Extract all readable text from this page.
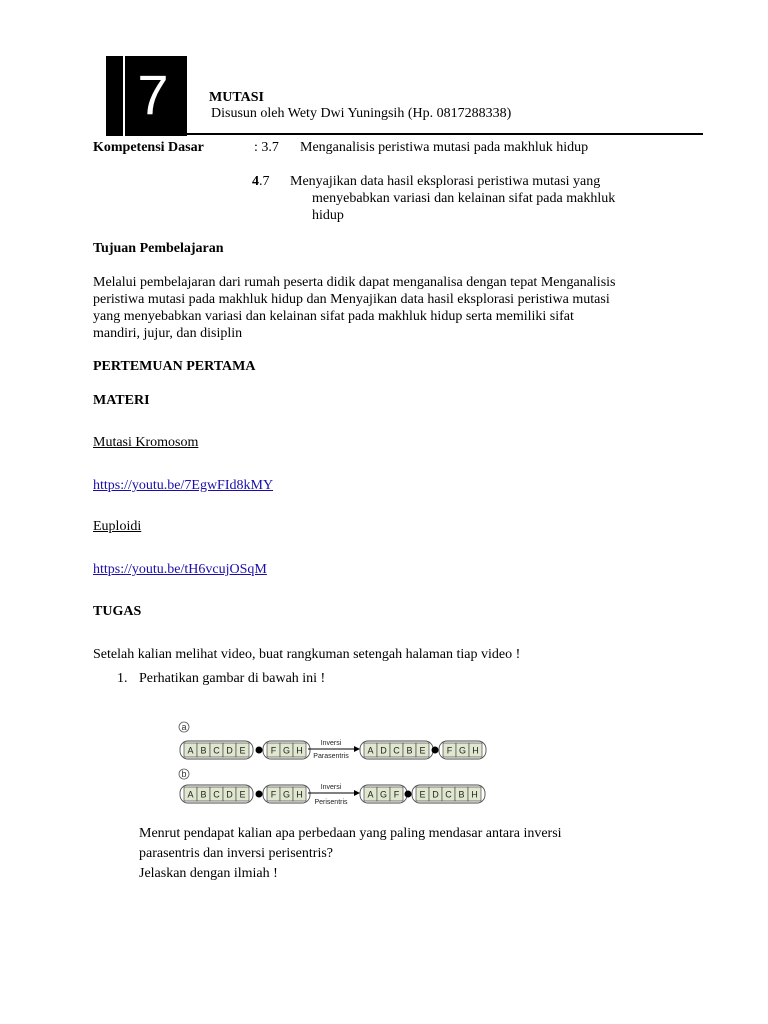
7	MUTASI
Disusun oleh Wety Dwi Yuningsih (Hp. 0817288338)
Kompetensi Dasar	: 3.7 Menganalisis peristiwa mutasi pada makhluk hidup
4.7 Menyajikan data hasil eksplorasi peristiwa mutasi yang
menyebabkan variasi dan kelainan sifat pada makhluk
hidup
Tujuan Pembelajaran
Melalui pembelajaran dari rumah peserta didik dapat menganalisa dengan tepat Menganalisis
peristiwa mutasi pada makhluk hidup dan Menyajikan data hasil eksplorasi peristiwa mutasi
yang menyebabkan variasi dan kelainan sifat pada makhluk hidup serta memiliki sifat
mandiri, jujur, dan disiplin
PERTEMUAN PERTAMA
MATERI
Mutasi Kromosom
https://youtu.be/7EgwFId8kMY
Euploidi
https://youtu.be/tH6vcujOSqM
TUGAS
Setelah kalian melihat video, buat rangkuman setengah halaman tiap video !
1. Perhatikan gambar di bawah ini !
a
A B C D E	F G H
Inversi
Parasentris
A D C B E F G H
b
A B C D E	F G H
Inversi
Perisentris
A G F E D C B H
Menrut pendapat kalian apa perbedaan yang paling mendasar antara inversi
parasentris dan inversi perisentris?
Jelaskan dengan ilmiah !
